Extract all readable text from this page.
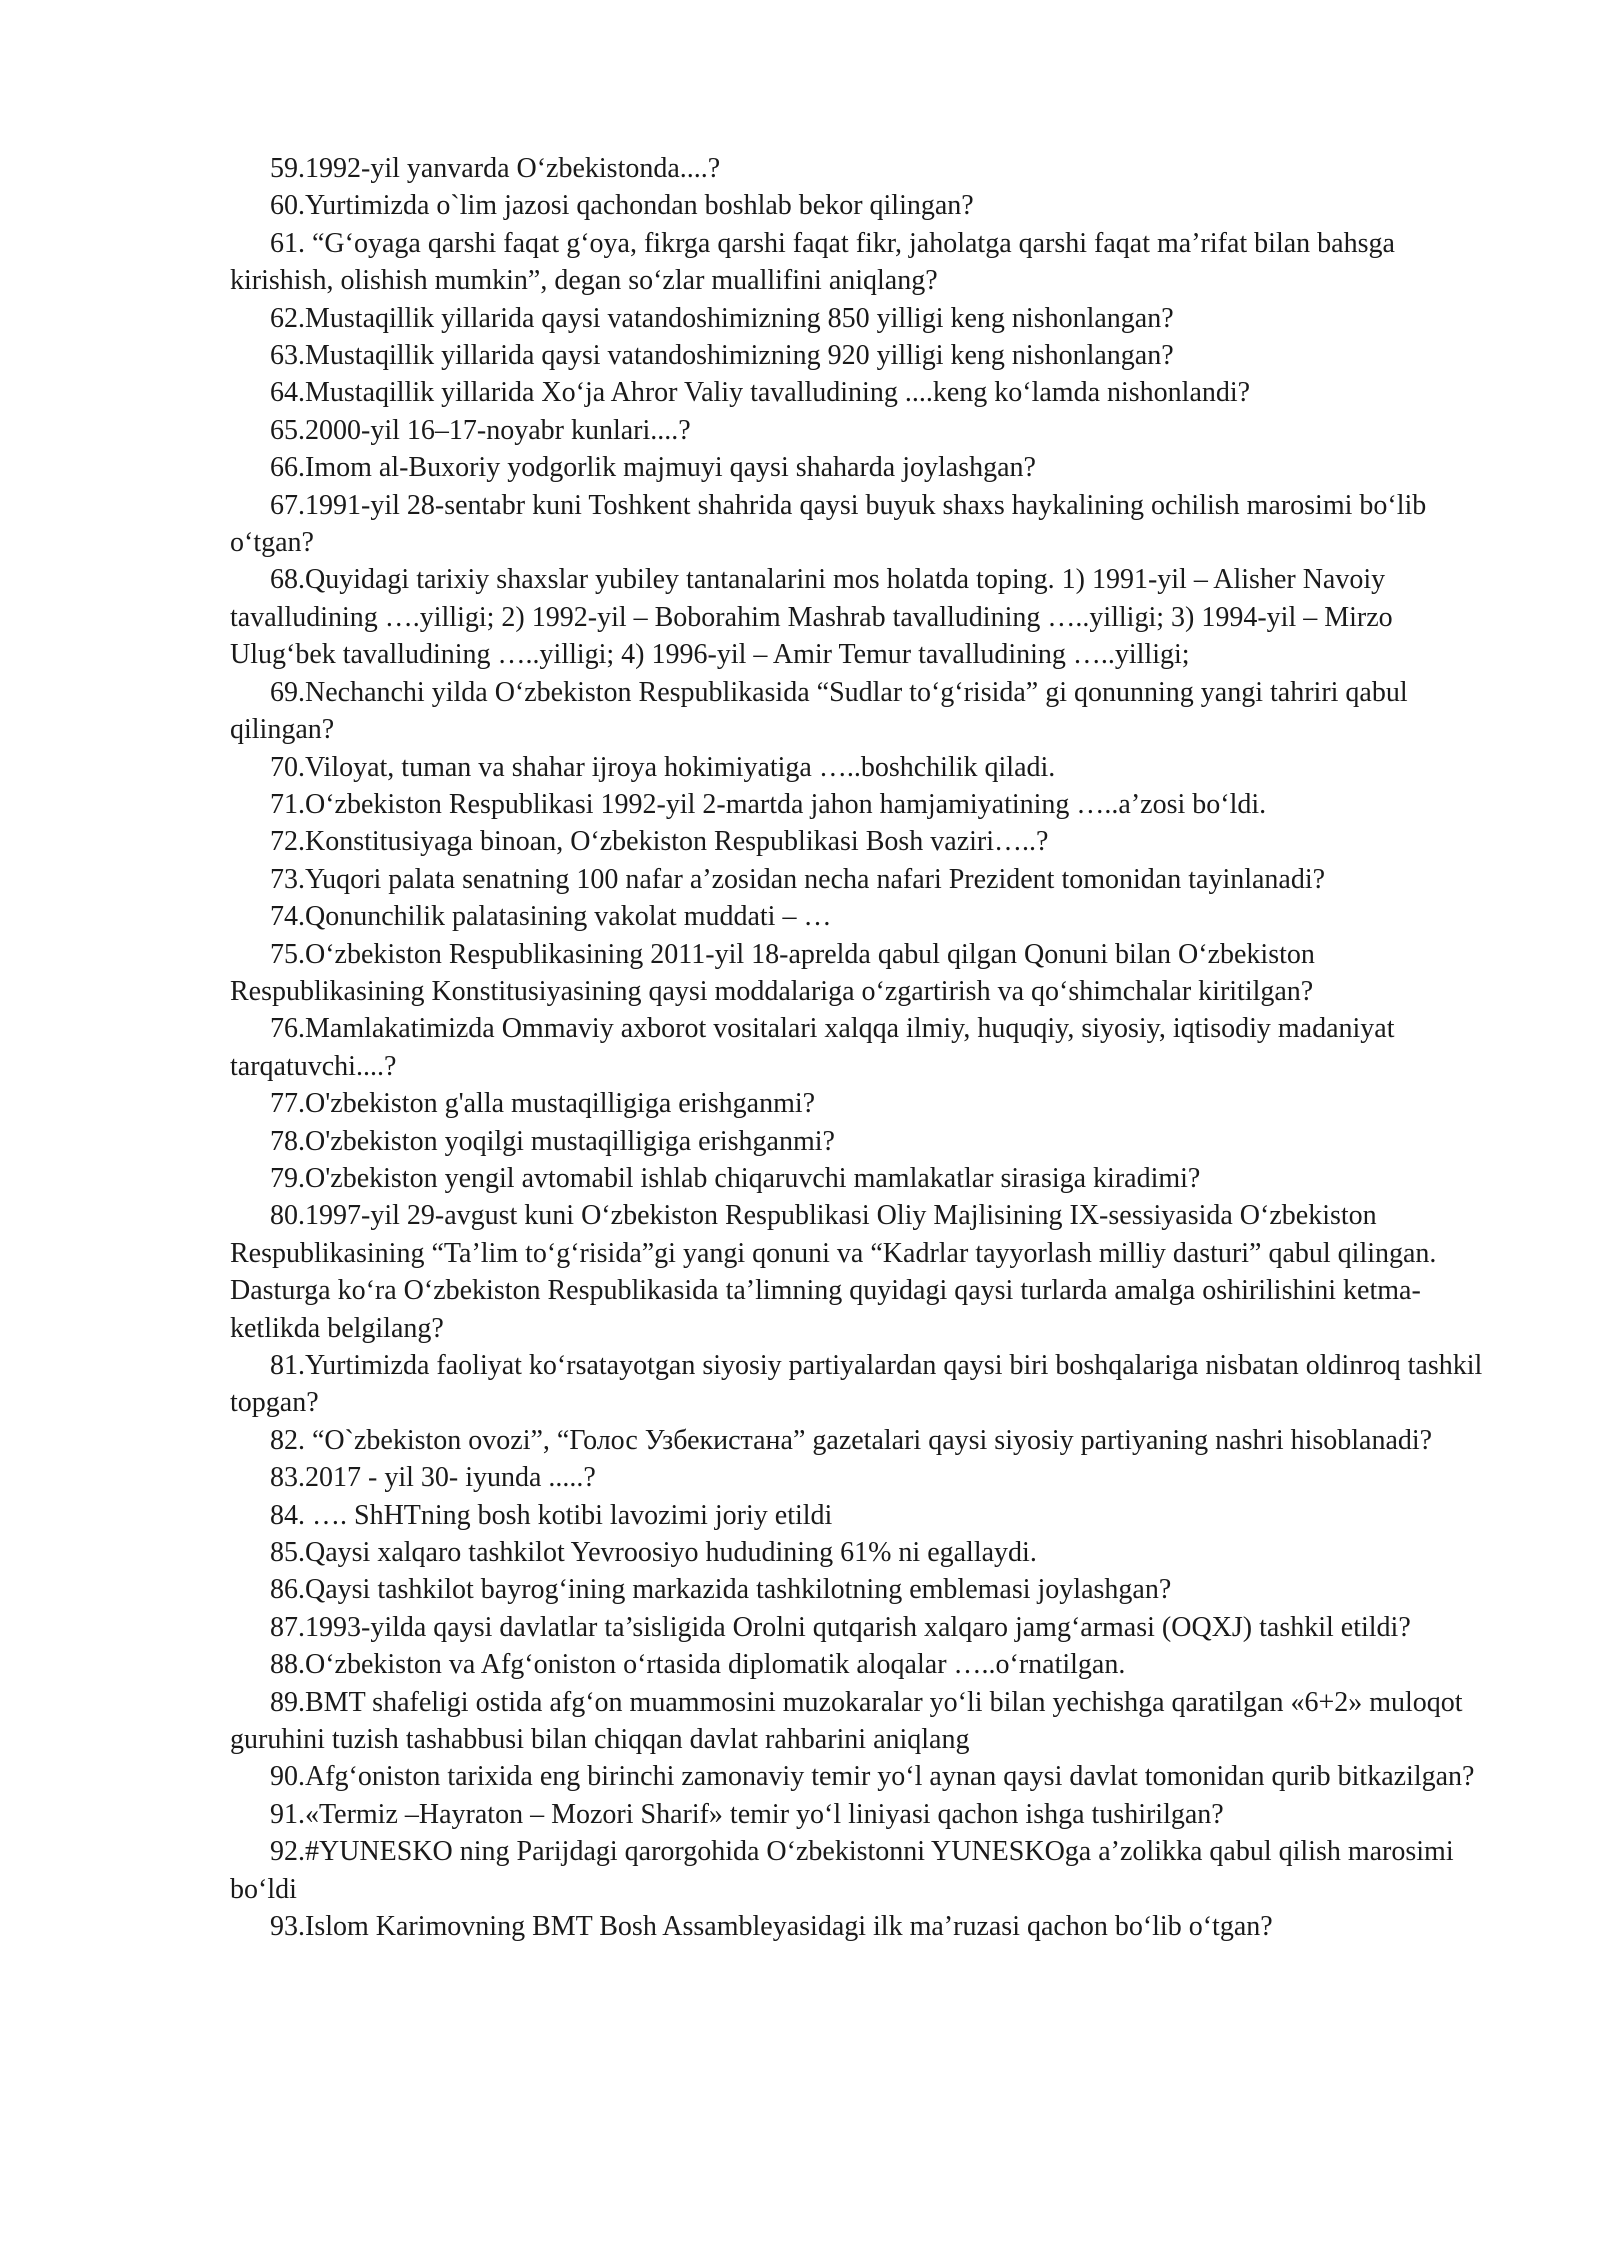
59.1992-yil yanvarda O‘zbekistonda....?

60.Yurtimizda o`lim jazosi qachondan boshlab bekor qilingan?

61. “G‘oyaga qarshi faqat g‘oya, fikrga qarshi faqat fikr, jaholatga qarshi faqat ma’rifat bilan bahsga kirishish, olishish mumkin”, degan so‘zlar muallifini aniqlang?

62.Mustaqillik yillarida qaysi vatandoshimizning 850 yilligi keng nishonlangan?

63.Mustaqillik yillarida qaysi vatandoshimizning 920 yilligi keng nishonlangan?

64.Mustaqillik yillarida Xo‘ja Ahror Valiy tavalludining ....keng ko‘lamda nishonlandi?

65.2000-yil 16–17-noyabr kunlari....?

66.Imom al-Buxoriy yodgorlik majmuyi qaysi shaharda joylashgan?

67.1991-yil 28-sentabr kuni Toshkent shahrida qaysi buyuk shaxs haykalining ochilish marosimi bo‘lib o‘tgan?

68.Quyidagi tarixiy shaxslar yubiley tantanalarini mos holatda toping. 1) 1991-yil – Alisher Navoiy tavalludining ….yilligi; 2) 1992-yil – Boborahim Mashrab tavalludining …..yilligi; 3) 1994-yil – Mirzo Ulug‘bek tavalludining …..yilligi; 4) 1996-yil – Amir Temur tavalludining …..yilligi;

69.Nechanchi yilda O‘zbekiston Respublikasida “Sudlar to‘g‘risida” gi qonunning yangi tahriri qabul qilingan?

70.Viloyat, tuman va shahar ijroya hokimiyatiga …..boshchilik qiladi.

71.O‘zbekiston Respublikasi 1992-yil 2-martda jahon hamjamiyatining …..a’zosi bo‘ldi.

72.Konstitusiyaga binoan, O‘zbekiston Respublikasi Bosh vaziri…..?

73.Yuqori palata senatning 100 nafar a’zosidan necha nafari Prezident tomonidan tayinlanadi?

74.Qonunchilik palatasining vakolat muddati – …

75.O‘zbekiston Respublikasining 2011-yil 18-aprelda qabul qilgan Qonuni bilan O‘zbekiston Respublikasining Konstitusiyasining qaysi moddalariga o‘zgartirish va qo‘shimchalar kiritilgan?

76.Mamlakatimizda Ommaviy axborot vositalari xalqqa ilmiy, huquqiy, siyosiy, iqtisodiy madaniyat tarqatuvchi....?

77.O'zbekiston g'alla mustaqilligiga erishganmi?

78.O'zbekiston yoqilgi mustaqilligiga erishganmi?

79.O'zbekiston yengil avtomabil ishlab chiqaruvchi mamlakatlar sirasiga kiradimi?

80.1997-yil 29-avgust kuni O‘zbekiston Respublikasi Oliy Majlisining IX-sessiyasida O‘zbekiston Respublikasining “Ta’lim to‘g‘risida”gi yangi qonuni va “Kadrlar tayyorlash milliy dasturi” qabul qilingan. Dasturga ko‘ra O‘zbekiston Respublikasida ta’limning quyidagi qaysi turlarda amalga oshirilishini ketma-ketlikda belgilang?

81.Yurtimizda faoliyat ko‘rsatayotgan siyosiy partiyalardan qaysi biri boshqalariga nisbatan oldinroq tashkil topgan?

82. “O`zbekiston ovozi”, “Голос Узбекистана” gazetalari qaysi siyosiy partiyaning nashri hisoblanadi?

83.2017 - yil 30- iyunda .....?

84. …. ShHTning bosh kotibi lavozimi joriy etildi

85.Qaysi xalqaro tashkilot Yevroosiyo hududining 61% ni egallaydi.

86.Qaysi tashkilot bayrog‘ining markazida tashkilotning emblemasi joylashgan?

87.1993-yilda qaysi davlatlar ta’sisligida Orolni qutqarish xalqaro jamg‘armasi (OQXJ) tashkil etildi?

88.O‘zbekiston va Afg‘oniston o‘rtasida diplomatik aloqalar …..o‘rnatilgan.

89.BMT shafeligi ostida afg‘on muammosini muzokaralar yo‘li bilan yechishga qaratilgan «6+2» muloqot guruhini tuzish tashabbusi bilan chiqqan davlat rahbarini aniqlang

90.Afg‘oniston tarixida eng birinchi zamonaviy temir yo‘l aynan qaysi davlat tomonidan qurib bitkazilgan?

91.«Termiz –Hayraton – Mozori Sharif» temir yo‘l liniyasi qachon ishga tushirilgan?

92.#YUNESKO ning Parijdagi qarorgohida O‘zbekistonni YUNESKOga a’zolikka qabul qilish marosimi bo‘ldi

93.Islom Karimovning BMT Bosh Assambleyasidagi ilk ma’ruzasi qachon bo‘lib o‘tgan?
